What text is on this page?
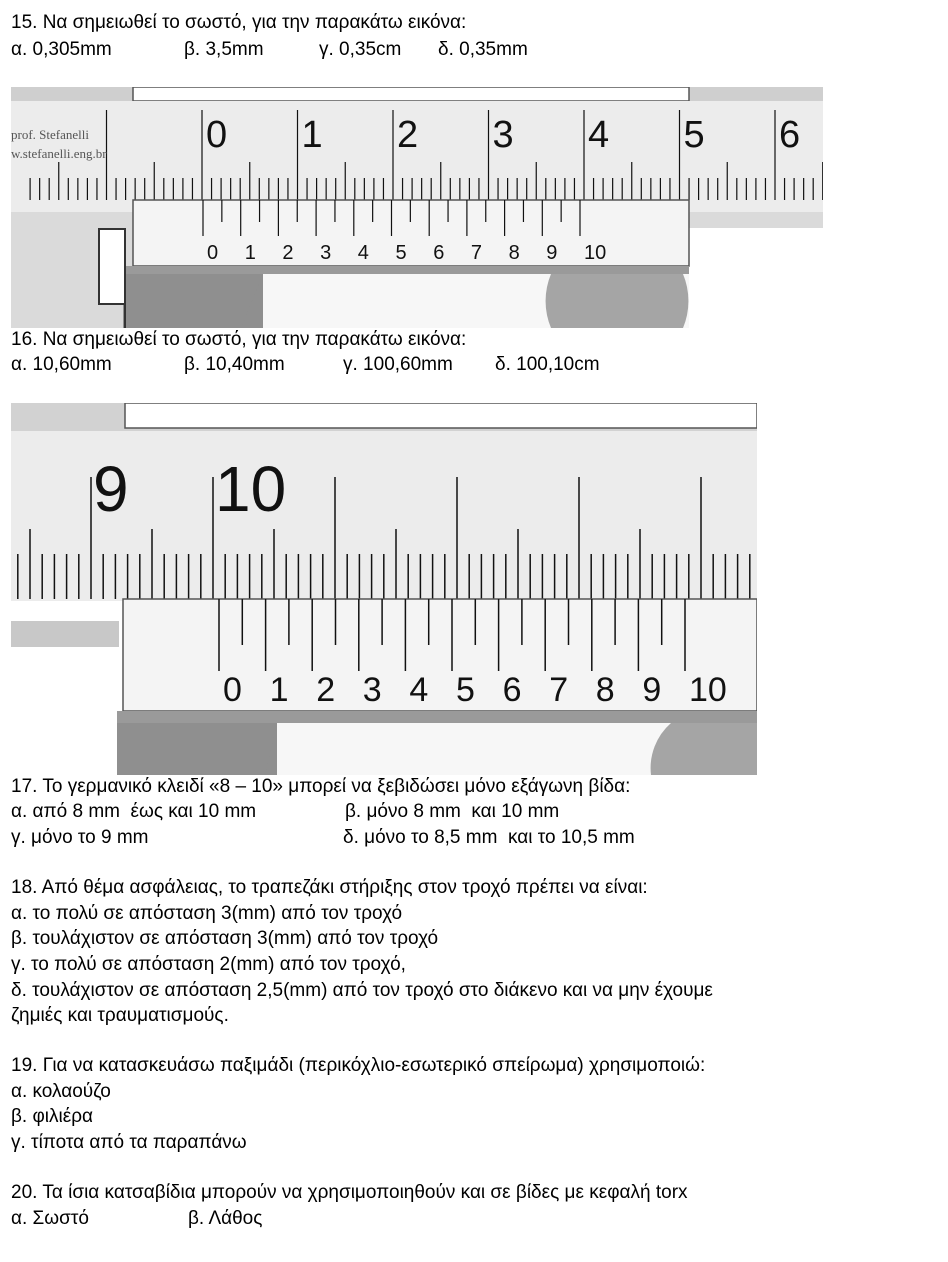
15. Να σημειωθεί το σωστό, για την παρακάτω εικόνα:
α. 0,305mm	β. 3,5mm	γ. 0,35cm δ. 0,35mm
0 1 2 3 4 5 6
prof. Stefanelli
w.stefanelli.eng.br
0 1 2 3 4 5 6 7 8 9 10
16. Να σημειωθεί το σωστό, για την παρακάτω εικόνα:
α. 10,60mm	β. 10,40mm	γ. 100,60mm δ. 100,10cm
9 10
0 1 2 3 4 5 6 7 8 9 10
17. Το γερμανικό κλειδί «8 – 10» μπορεί να ξεβιδώσει μόνο εξάγωνη βίδα:
α. από 8 mm  έως και 10 mm	β. μόνο 8 mm  και 10 mm
γ. μόνο το 9 mm	δ. μόνο το 8,5 mm  και το 10,5 mm
18. Από θέμα ασφάλειας, το τραπεζάκι στήριξης στον τροχό πρέπει να είναι:
α. το πολύ σε απόσταση 3(mm) από τον τροχό
β. τουλάχιστον σε απόσταση 3(mm) από τον τροχό
γ. το πολύ σε απόσταση 2(mm) από τον τροχό,
δ. τουλάχιστον σε απόσταση 2,5(mm) από τον τροχό στο διάκενο και να μην έχουμε
ζημιές και τραυματισμούς.
19. Για να κατασκευάσω παξιμάδι (περικόχλιο-εσωτερικό σπείρωμα) χρησιμοποιώ:
α. κολαούζο
β. φιλιέρα
γ. τίποτα από τα παραπάνω
20. Τα ίσια κατσαβίδια μπορούν να χρησιμοποιηθούν και σε βίδες με κεφαλή torx
α. Σωστό	β. Λάθος
